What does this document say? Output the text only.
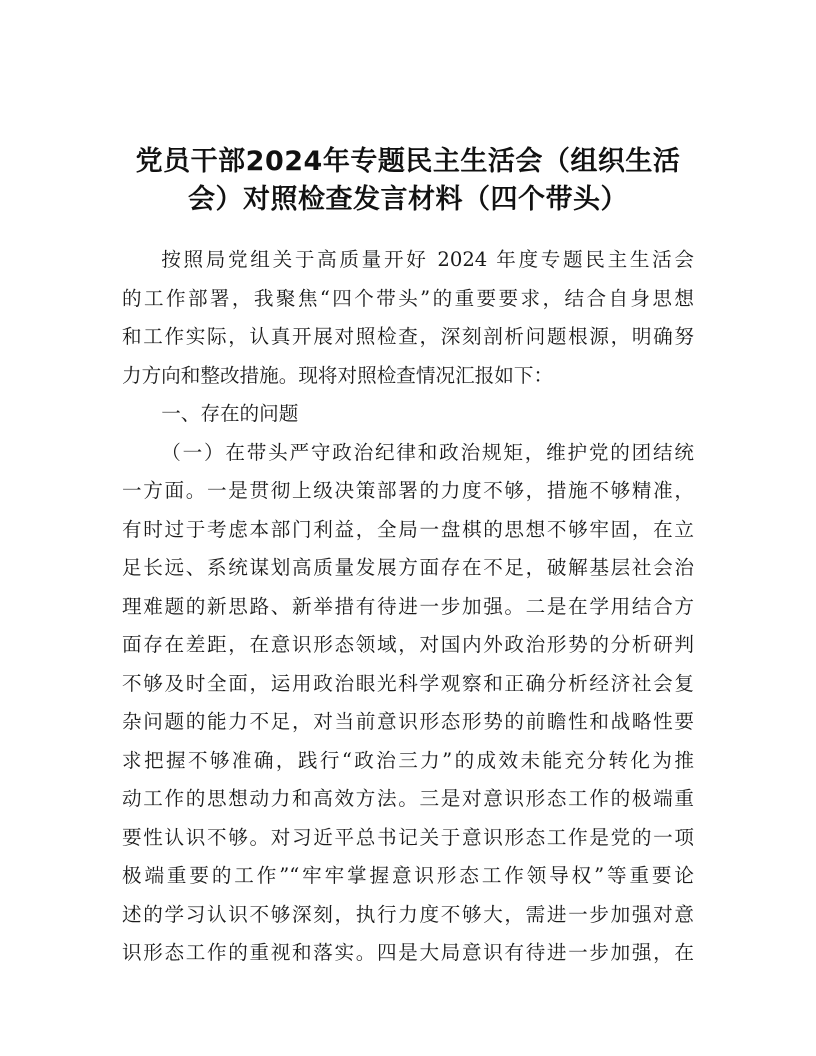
党员干部2024年专题民主生活会（组织生活
会）对照检查发言材料（四个带头）
按照局党组关于高质量开好 2024 年度专题民主生活会
的工作部署，我聚焦“四个带头”的重要要求，结合自身思想
和工作实际，认真开展对照检查，深刻剖析问题根源，明确努
力方向和整改措施。现将对照检查情况汇报如下：
一、存在的问题
（一）在带头严守政治纪律和政治规矩，维护党的团结统
一方面。一是贯彻上级决策部署的力度不够，措施不够精准，
有时过于考虑本部门利益，全局一盘棋的思想不够牢固，在立
足长远、系统谋划高质量发展方面存在不足，破解基层社会治
理难题的新思路、新举措有待进一步加强。二是在学用结合方
面存在差距，在意识形态领域，对国内外政治形势的分析研判
不够及时全面，运用政治眼光科学观察和正确分析经济社会复
杂问题的能力不足，对当前意识形态形势的前瞻性和战略性要
求把握不够准确，践行“政治三力”的成效未能充分转化为推
动工作的思想动力和高效方法。三是对意识形态工作的极端重
要性认识不够。对习近平总书记关于意识形态工作是党的一项
极端重要的工作”“牢牢掌握意识形态工作领导权”等重要论
述的学习认识不够深刻，执行力度不够大，需进一步加强对意
识形态工作的重视和落实。四是大局意识有待进一步加强，在
